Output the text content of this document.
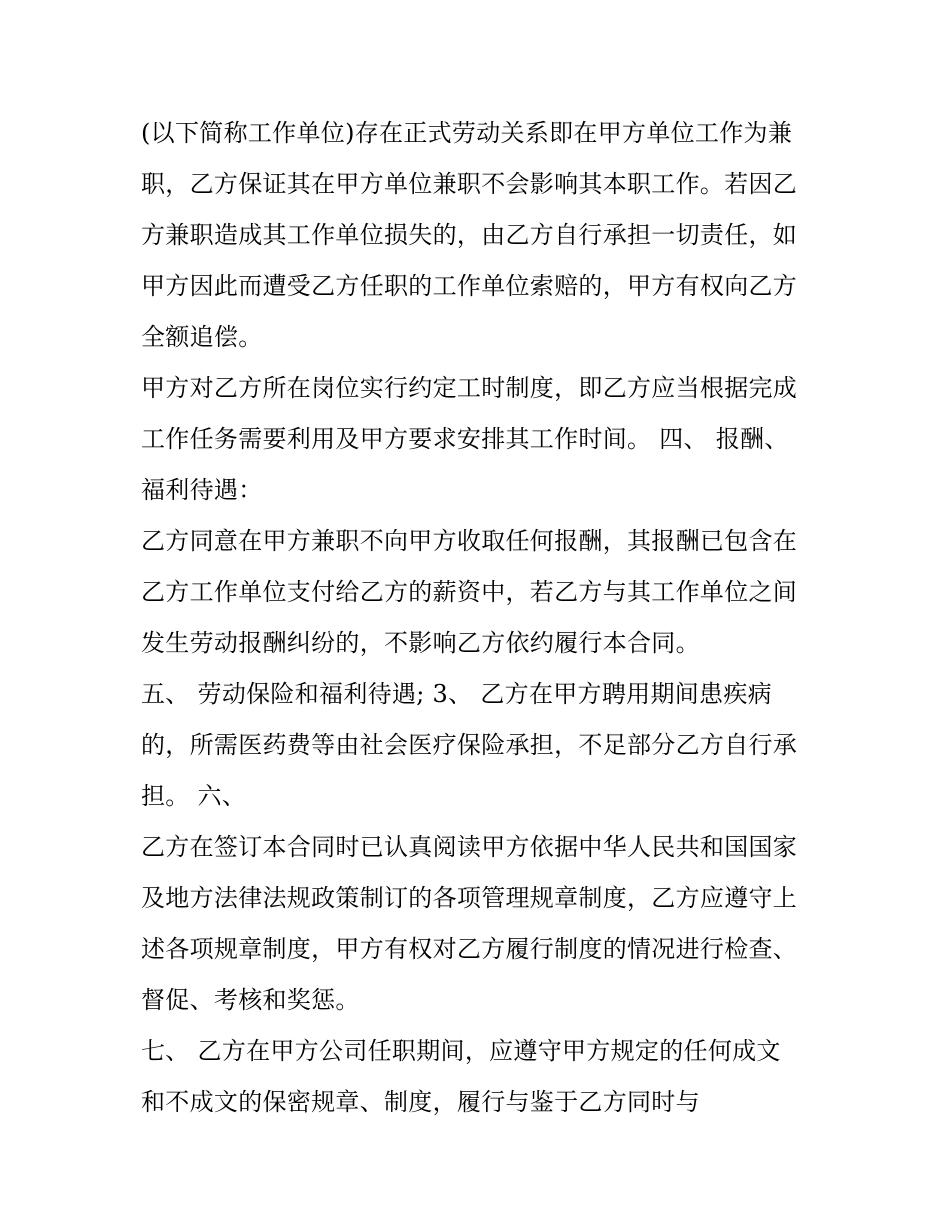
(以下简称工作单位)存在正式劳动关系即在甲方单位工作为兼
职，乙方保证其在甲方单位兼职不会影响其本职工作。若因乙
方兼职造成其工作单位损失的，由乙方自行承担一切责任，如
甲方因此而遭受乙方任职的工作单位索赔的，甲方有权向乙方
全额追偿。
甲方对乙方所在岗位实行约定工时制度，即乙方应当根据完成
工作任务需要利用及甲方要求安排其工作时间。 四、 报酬、
福利待遇：
乙方同意在甲方兼职不向甲方收取任何报酬，其报酬已包含在
乙方工作单位支付给乙方的薪资中，若乙方与其工作单位之间
发生劳动报酬纠纷的，不影响乙方依约履行本合同。
五、 劳动保险和福利待遇; 3、 乙方在甲方聘用期间患疾病
的，所需医药费等由社会医疗保险承担，不足部分乙方自行承
担。 六、
乙方在签订本合同时已认真阅读甲方依据中华人民共和国国家
及地方法律法规政策制订的各项管理规章制度，乙方应遵守上
述各项规章制度，甲方有权对乙方履行制度的情况进行检查、
督促、考核和奖惩。
七、 乙方在甲方公司任职期间，应遵守甲方规定的任何成文
和不成文的保密规章、制度，履行与鉴于乙方同时与
